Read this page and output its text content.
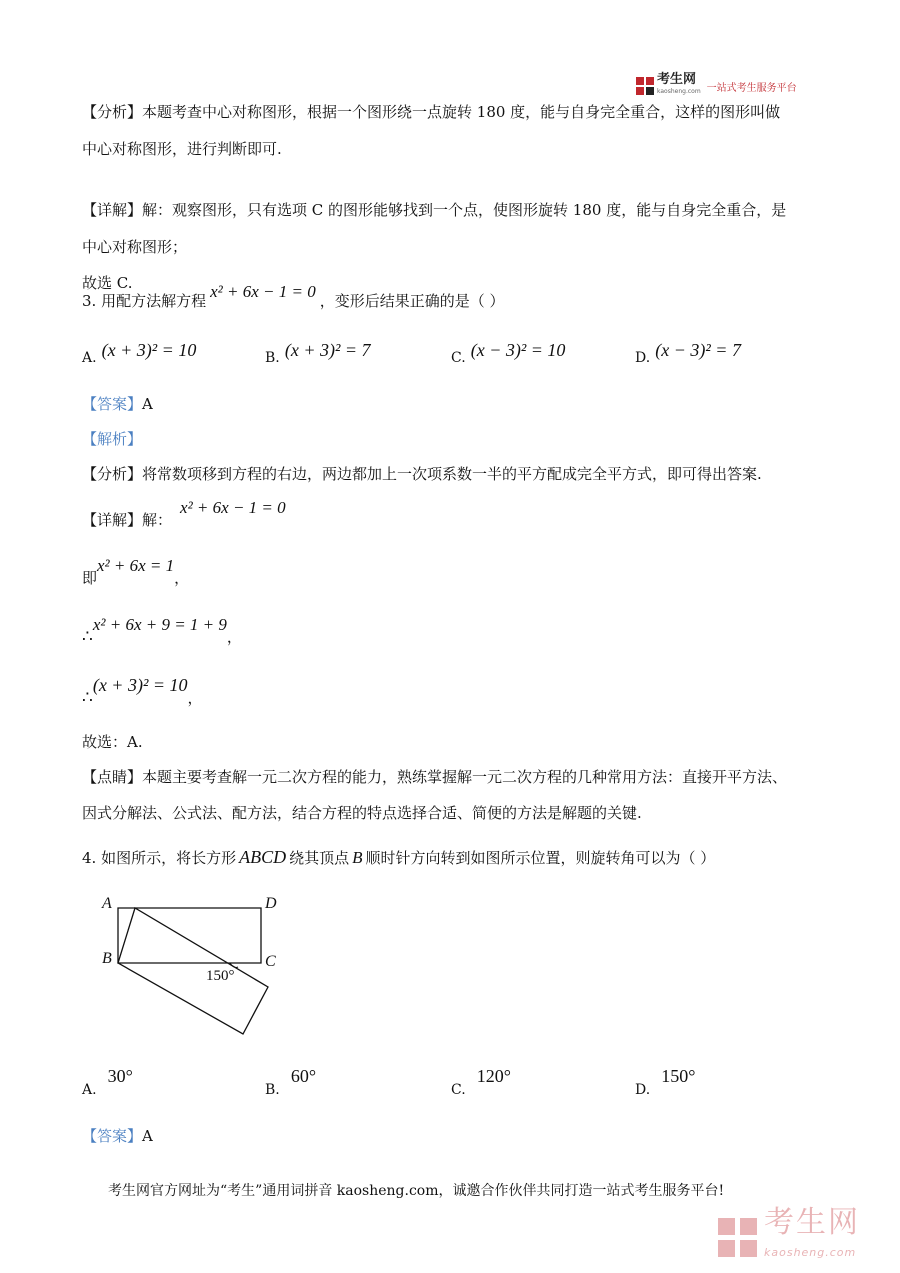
考生网
kaosheng.com 一站式考生服务平台
【分析】本题考查中心对称图形，根据一个图形绕一点旋转 180 度，能与自身完全重合，这样的图形叫做
中心对称图形，进行判断即可.
【详解】解：观察图形，只有选项 C 的图形能够找到一个点，使图形旋转 180 度，能与自身完全重合，是
中心对称图形；
故选 C.
3. 用配方法解方程 x² + 6x − 1 = 0 ，变形后结果正确的是（ ）
A. (x + 3)² = 10	B. (x + 3)² = 7	C. (x − 3)² = 10	D. (x − 3)² = 7
【答案】A
【解析】
【分析】将常数项移到方程的右边，两边都加上一次项系数一半的平方配成完全平方式，即可得出答案.
【详解】解：x² + 6x − 1 = 0
即x² + 6x = 1，
∴x² + 6x + 9 = 1 + 9，
∴(x + 3)² = 10，
故选：A.
【点睛】本题主要考查解一元二次方程的能力，熟练掌握解一元二次方程的几种常用方法：直接开平方法、
因式分解法、公式法、配方法，结合方程的特点选择合适、简便的方法是解题的关键.
4. 如图所示，将长方形 ABCD 绕其顶点 B 顺时针方向转到如图所示位置，则旋转角可以为（ ）
A	D
B	C
150°
A. 30°
B. 60°
C. 120°
D. 150°
【答案】A
考生网官方网址为“考生”通用词拼音 kaosheng.com，诚邀合作伙伴共同打造一站式考生服务平台!
考生网
kaosheng.com
